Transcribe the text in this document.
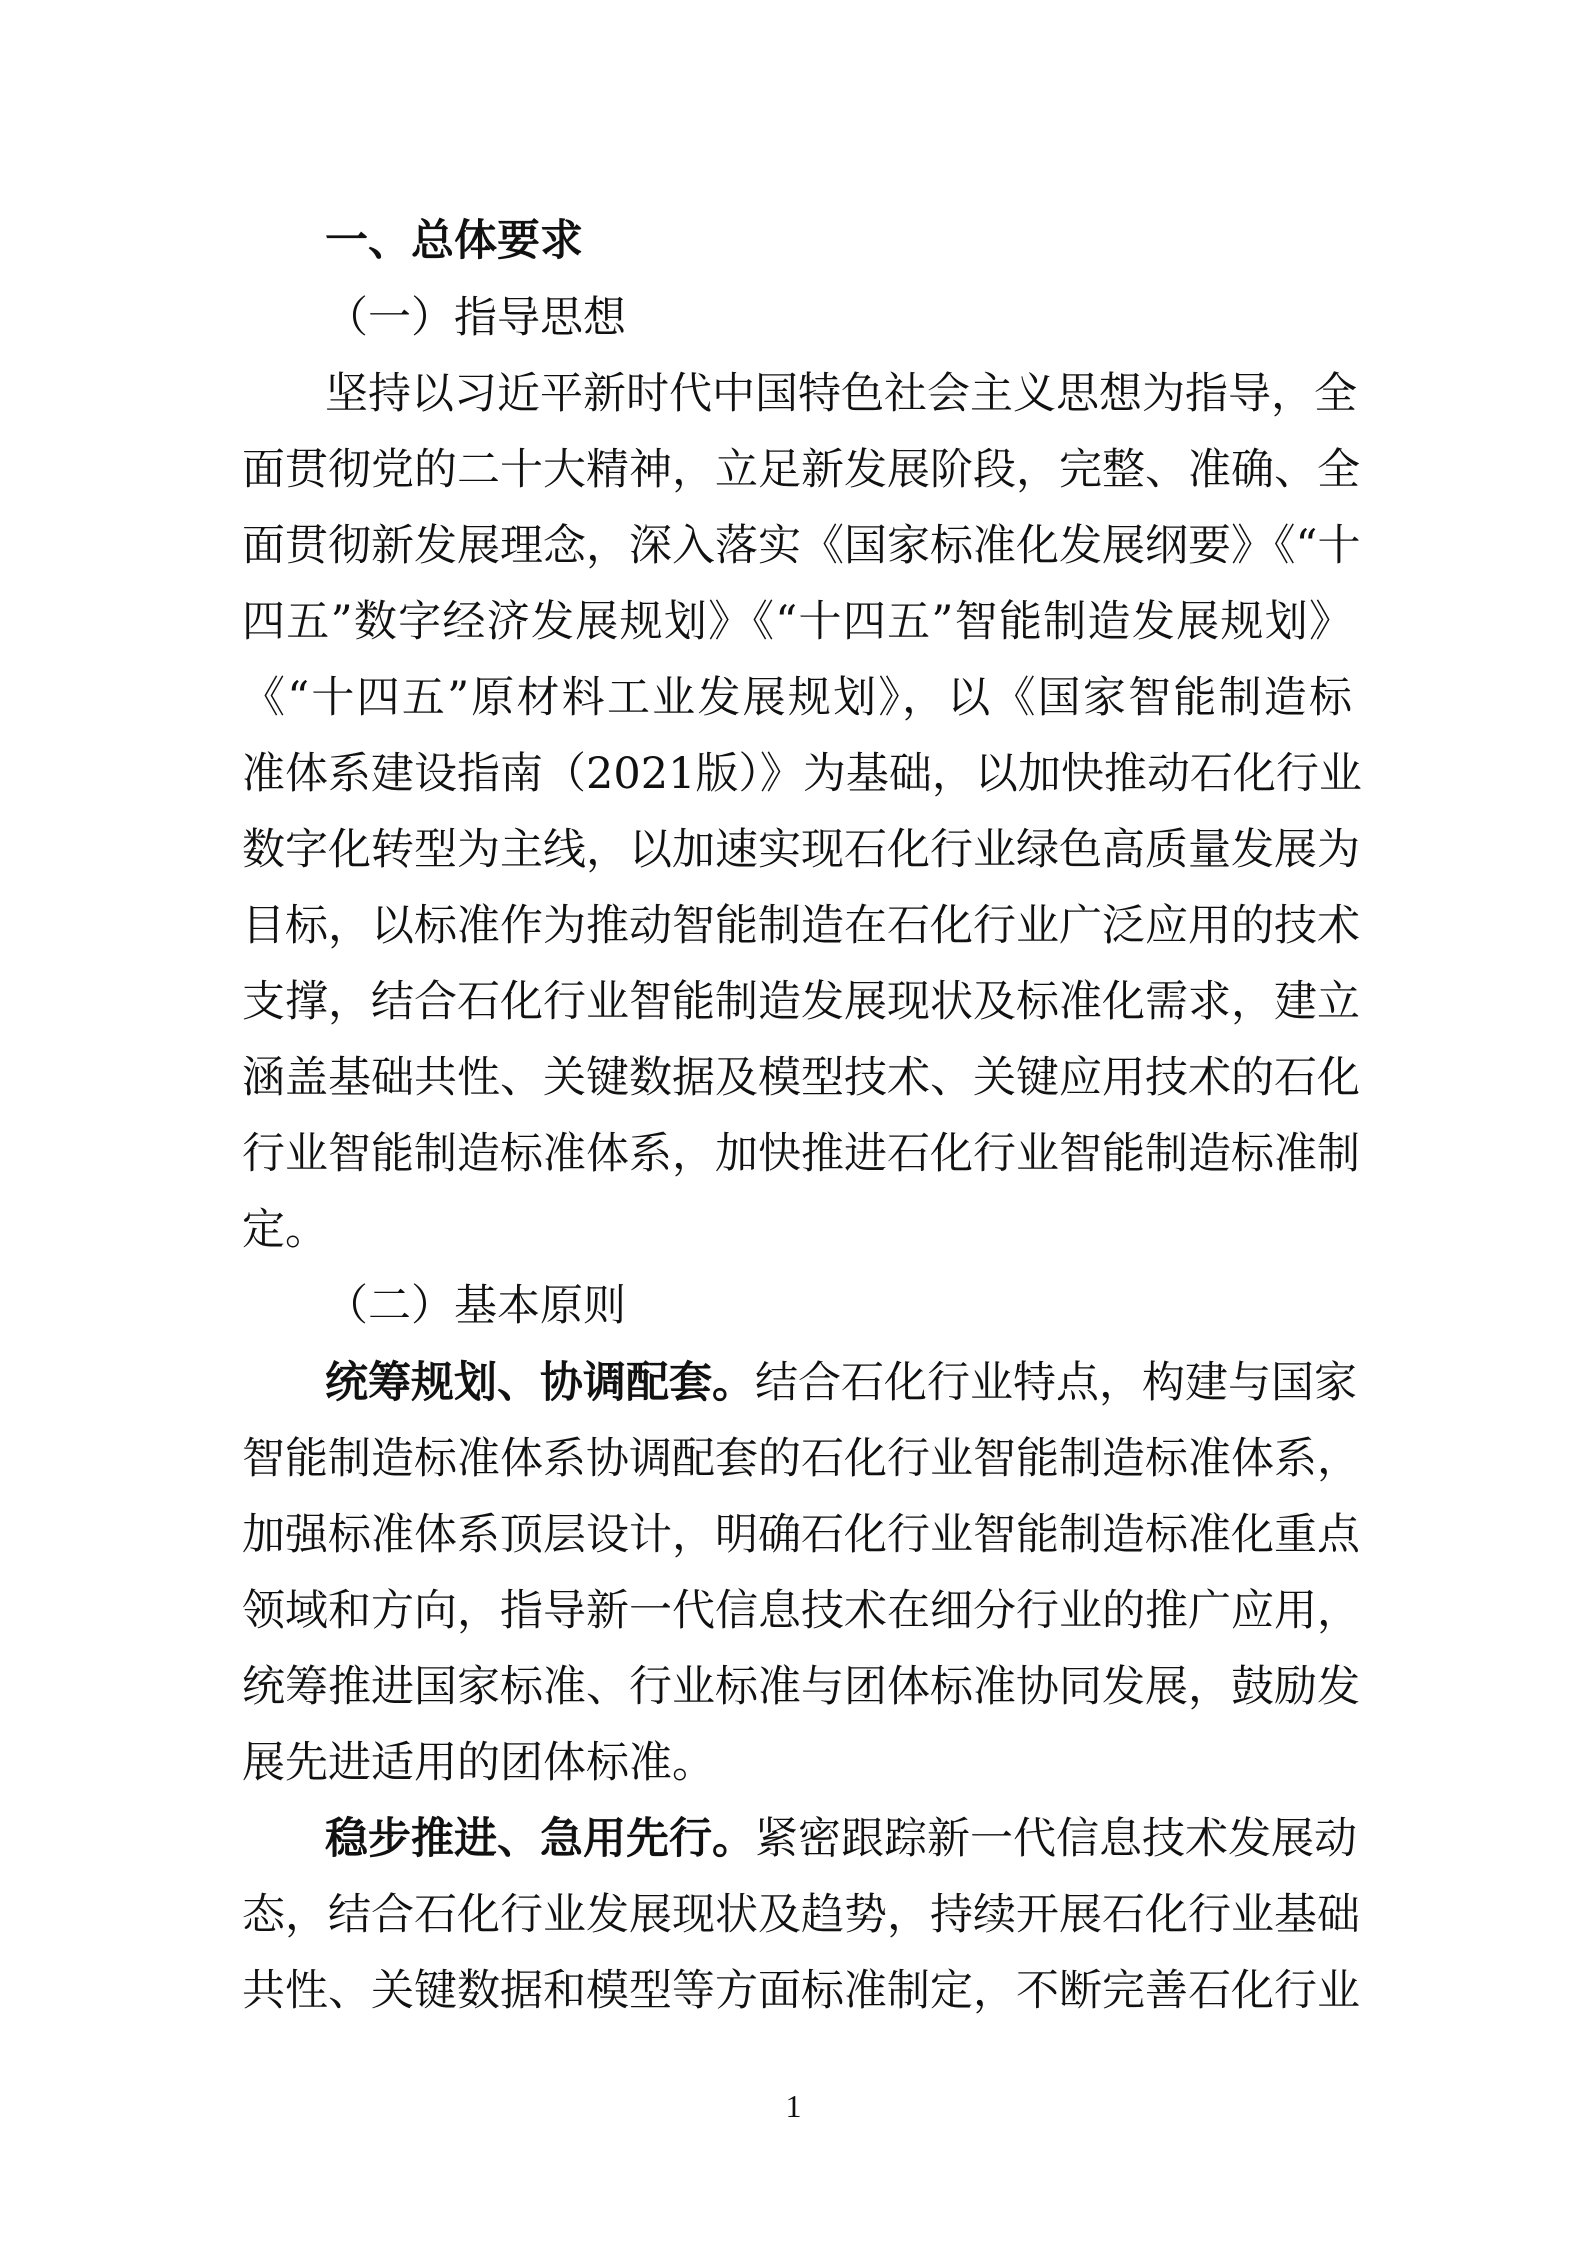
一、总体要求
（一）指导思想
坚持以习近平新时代中国特色社会主义思想为指导，全
面贯彻党的二十大精神，立足新发展阶段，完整、准确、全
面贯彻新发展理念，深入落实《国家标准化发展纲要》《“十
四五”数字经济发展规划》《“十四五”智能制造发展规划》
《“十四五”原材料工业发展规划》，以《国家智能制造标
准体系建设指南（2021版）》为基础，以加快推动石化行业
数字化转型为主线，以加速实现石化行业绿色高质量发展为
目标，以标准作为推动智能制造在石化行业广泛应用的技术
支撑，结合石化行业智能制造发展现状及标准化需求，建立
涵盖基础共性、关键数据及模型技术、关键应用技术的石化
行业智能制造标准体系，加快推进石化行业智能制造标准制
定。
（二）基本原则
统筹规划、协调配套。结合石化行业特点，构建与国家
智能制造标准体系协调配套的石化行业智能制造标准体系，
加强标准体系顶层设计，明确石化行业智能制造标准化重点
领域和方向，指导新一代信息技术在细分行业的推广应用，
统筹推进国家标准、行业标准与团体标准协同发展，鼓励发
展先进适用的团体标准。
稳步推进、急用先行。紧密跟踪新一代信息技术发展动
态，结合石化行业发展现状及趋势，持续开展石化行业基础
共性、关键数据和模型等方面标准制定，不断完善石化行业
1
